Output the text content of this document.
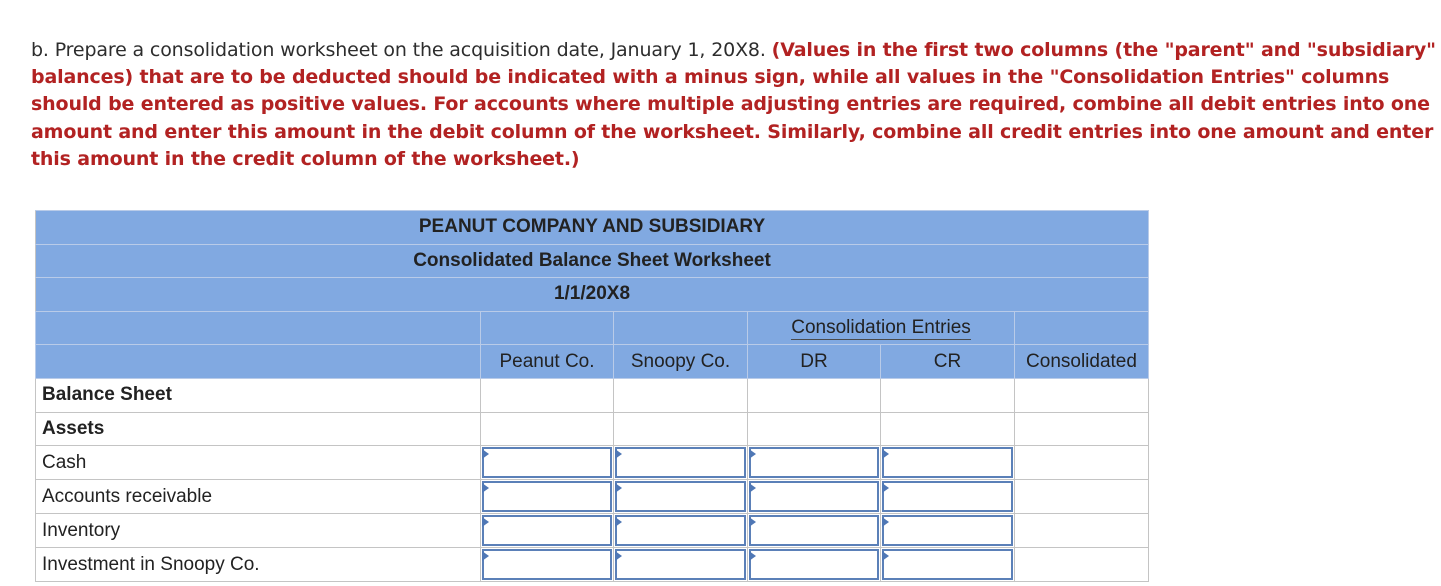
b. Prepare a consolidation worksheet on the acquisition date, January 1, 20X8. (Values in the first two columns (the "parent" and "subsidiary" balances) that are to be deducted should be indicated with a minus sign, while all values in the "Consolidation Entries" columns should be entered as positive values. For accounts where multiple adjusting entries are required, combine all debit entries into one amount and enter this amount in the debit column of the worksheet. Similarly, combine all credit entries into one amount and enter this amount in the credit column of the worksheet.)
PEANUT COMPANY AND SUBSIDIARY					
Consolidated Balance Sheet Worksheet					
1/1/20X8					
			Consolidation Entries		
	Peanut Co.	Snoopy Co.	DR	CR	Consolidated
Balance Sheet					
Assets					
Cash	

Accounts receivable	

Inventory	

Investment in Snoopy Co.	
